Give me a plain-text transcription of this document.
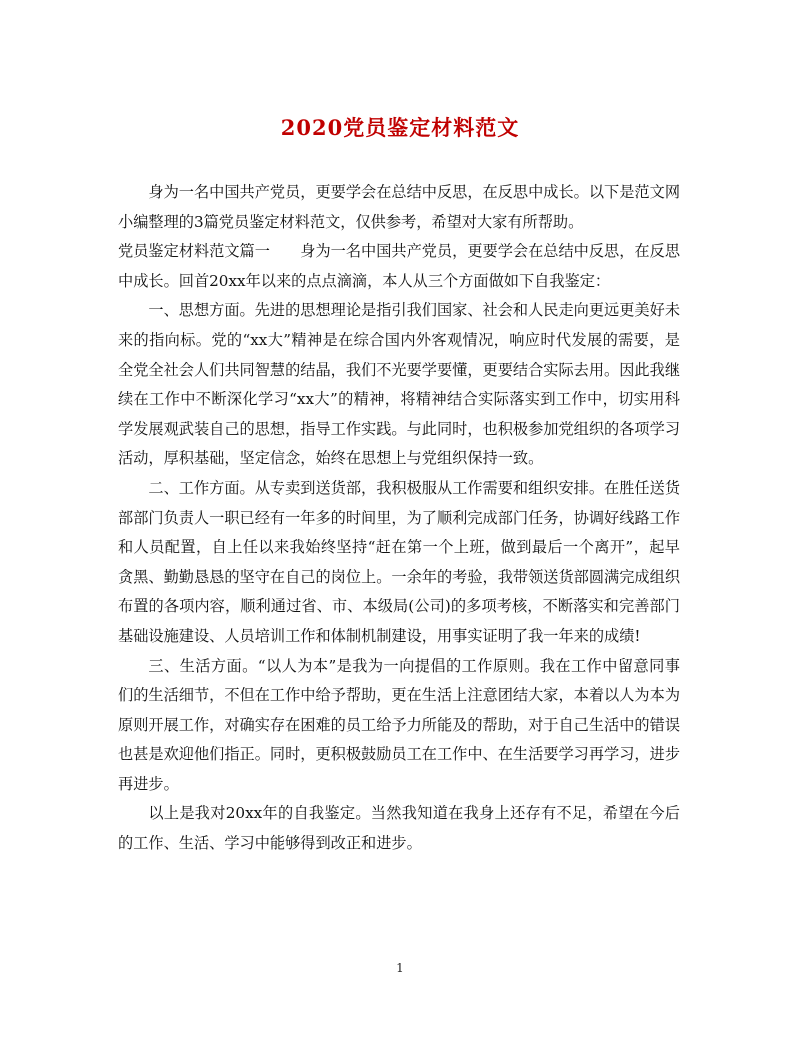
2020党员鉴定材料范文

身为一名中国共产党员，更要学会在总结中反思，在反思中成长。以下是范文网小编整理的3篇党员鉴定材料范文，仅供参考，希望对大家有所帮助。

党员鉴定材料范文篇一　　身为一名中国共产党员，更要学会在总结中反思，在反思中成长。回首20xx年以来的点点滴滴，本人从三个方面做如下自我鉴定：

一、思想方面。先进的思想理论是指引我们国家、社会和人民走向更远更美好未来的指向标。党的“xx大”精神是在综合国内外客观情况，响应时代发展的需要，是全党全社会人们共同智慧的结晶，我们不光要学要懂，更要结合实际去用。因此我继续在工作中不断深化学习“xx大”的精神，将精神结合实际落实到工作中，切实用科学发展观武装自己的思想，指导工作实践。与此同时，也积极参加党组织的各项学习活动，厚积基础，坚定信念，始终在思想上与党组织保持一致。

二、工作方面。从专卖到送货部，我积极服从工作需要和组织安排。在胜任送货部部门负责人一职已经有一年多的时间里，为了顺利完成部门任务，协调好线路工作和人员配置，自上任以来我始终坚持“赶在第一个上班，做到最后一个离开”，起早贪黑、勤勤恳恳的坚守在自己的岗位上。一余年的考验，我带领送货部圆满完成组织布置的各项内容，顺利通过省、市、本级局(公司)的多项考核，不断落实和完善部门基础设施建设、人员培训工作和体制机制建设，用事实证明了我一年来的成绩!

三、生活方面。“以人为本”是我为一向提倡的工作原则。我在工作中留意同事们的生活细节，不但在工作中给予帮助，更在生活上注意团结大家，本着以人为本为原则开展工作，对确实存在困难的员工给予力所能及的帮助，对于自己生活中的错误也甚是欢迎他们指正。同时，更积极鼓励员工在工作中、在生活要学习再学习，进步再进步。

以上是我对20xx年的自我鉴定。当然我知道在我身上还存有不足，希望在今后的工作、生活、学习中能够得到改正和进步。

1
